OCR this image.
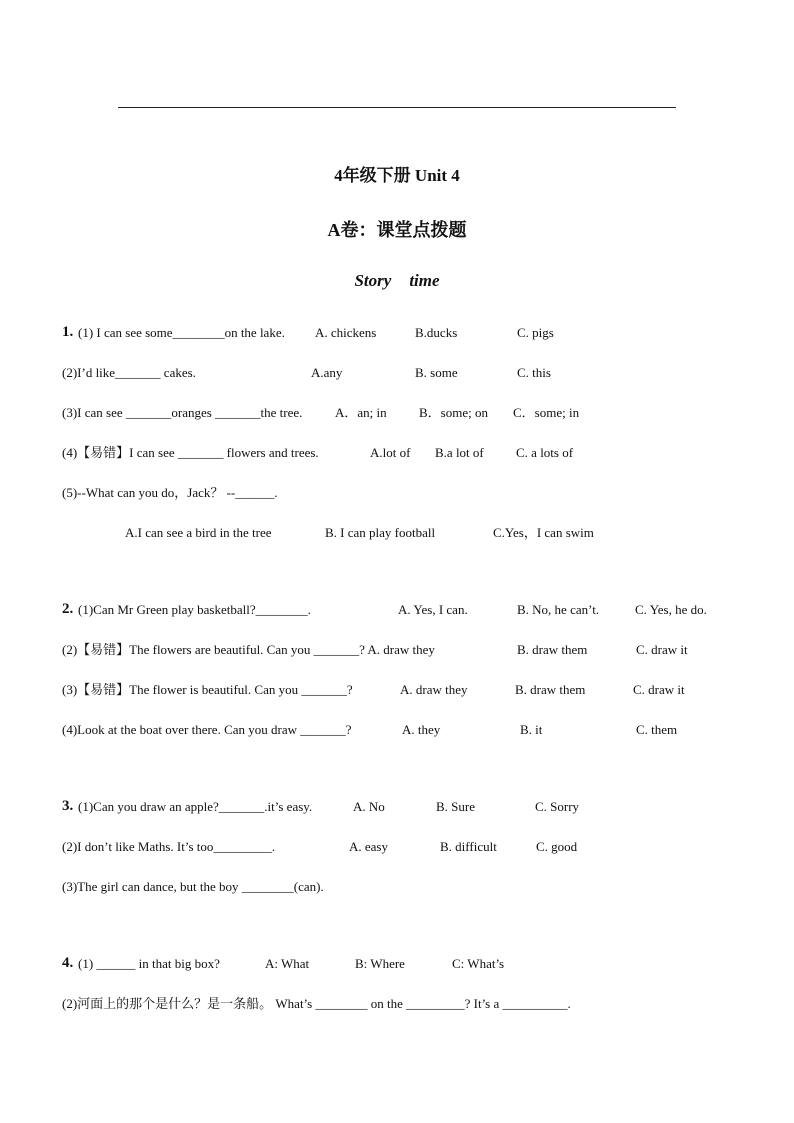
4年级下册 Unit 4
A卷：课堂点拨题
Story time
1. (1) I can see some________on the lake. A. chickens	B.ducks	C. pigs
(2)I’d like_______ cakes.	A.any	B. some	C. this
(3)I can see _______oranges _______the tree.	A．an; in B．some; on C．some; in
(4)【易错】I can see _______ flowers and trees.	A.lot of B.a lot of C. a lots of
(5)--What can you do，Jack？ --______.
A.I can see a bird in the tree	B. I can play football	C.Yes，I can swim
2. (1)Can Mr Green play basketball?________.	A. Yes, I can.	B. No, he can’t.	C. Yes, he do.
(2)【易错】The flowers are beautiful. Can you _______? A. draw they	B. draw them	C. draw it
(3)【易错】The flower is beautiful. Can you _______?	A. draw they	B. draw them	C. draw it
(4)Look at the boat over there. Can you draw _______?	A. they	B. it	C. them
3. (1)Can you draw an apple?_______.it’s easy.	A. No	B. Sure	C. Sorry
(2)I don’t like Maths. It’s too_________.	A. easy	B. difficult	C. good
(3)The girl can dance, but the boy ________(can).
4. (1) ______ in that big box?	A: What	B: Where	C: What’s
(2)河面上的那个是什么？是一条船。 What’s ________ on the _________? It’s a __________.
